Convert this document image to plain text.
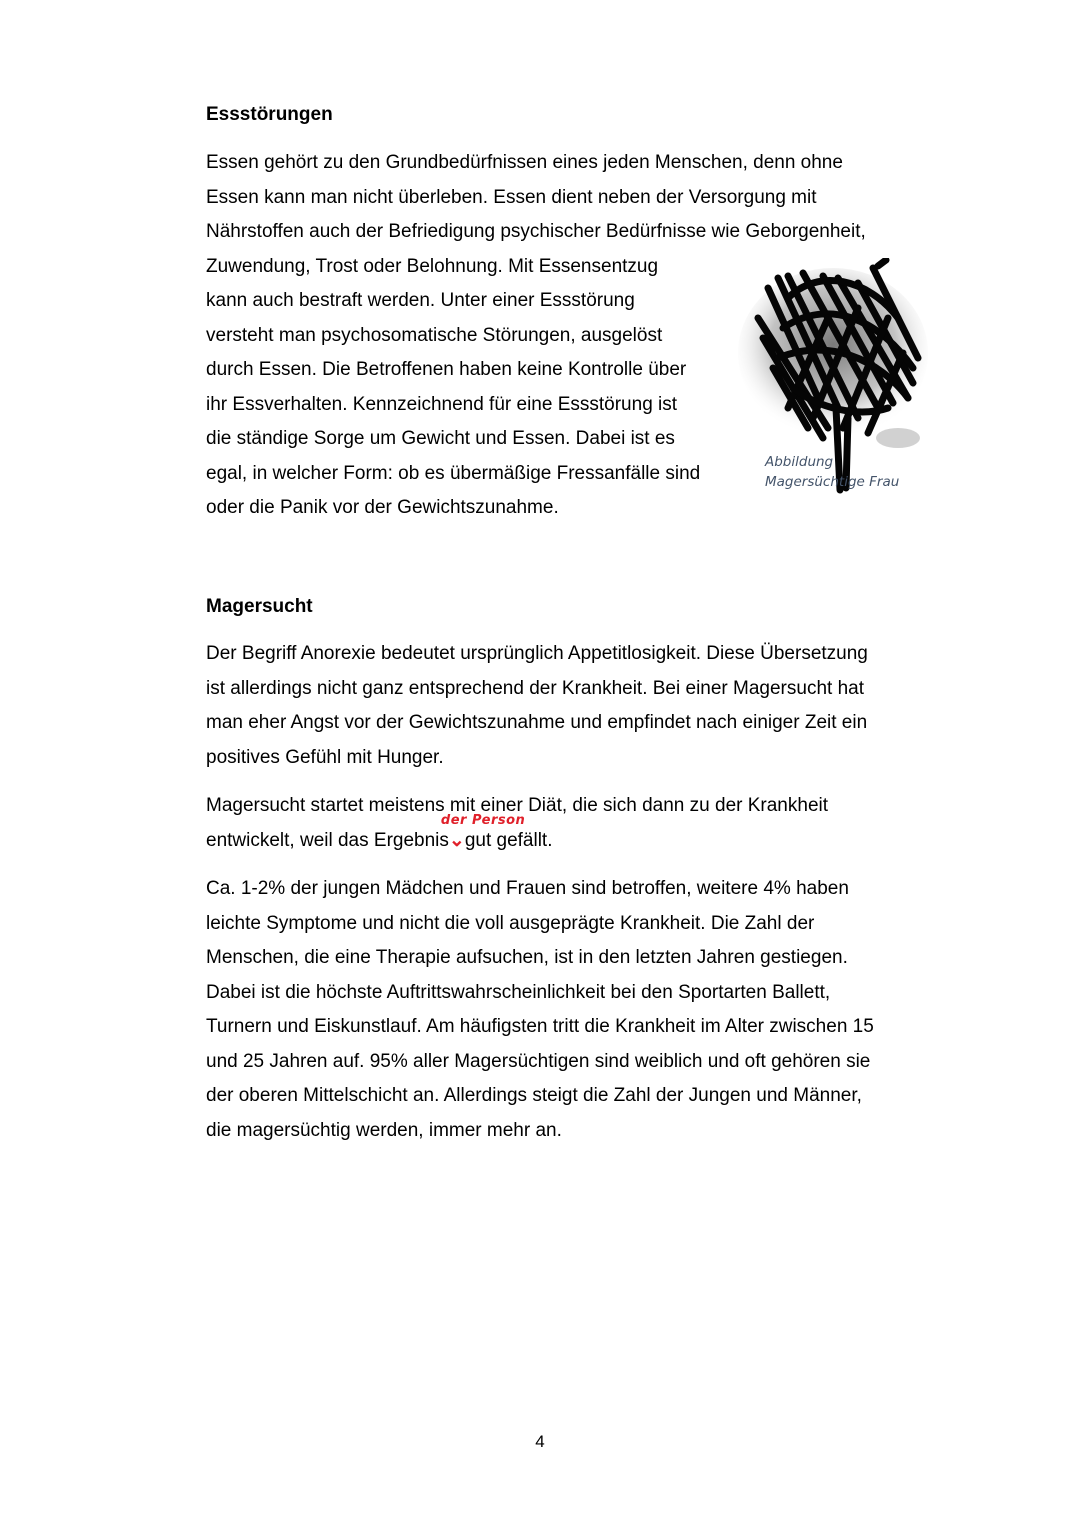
Essstörungen

Essen gehört zu den Grundbedürfnissen eines jeden Menschen, denn ohne
Essen kann man nicht überleben. Essen dient neben der Versorgung mit
Nährstoffen auch der Befriedigung psychischer Bedürfnisse wie Geborgenheit,
Zuwendung, Trost oder Belohnung. Mit Essensentzug
kann auch bestraft werden. Unter einer Essstörung
versteht man psychosomatische Störungen, ausgelöst
durch Essen. Die Betroffenen haben keine Kontrolle über
ihr Essverhalten. Kennzeichnend für eine Essstörung ist
die ständige Sorge um Gewicht und Essen. Dabei ist es
egal, in welcher Form: ob es übermäßige Fressanfälle sind
oder die Panik vor der Gewichtszunahme.

Abbildung
Magersüchtige Frau
Magersucht

Der Begriff Anorexie bedeutet ursprünglich Appetitlosigkeit. Diese Übersetzung
ist allerdings nicht ganz entsprechend der Krankheit. Bei einer Magersucht hat
man eher Angst vor der Gewichtszunahme und empfindet nach einiger Zeit ein
positives Gefühl mit Hunger.

Magersucht startet meistens mit einer Diät, die sich dann zu der Krankheit
entwickelt, weil das Ergebnis
der Person
⌄gut gefällt.

Ca. 1-2% der jungen Mädchen und Frauen sind betroffen, weitere 4% haben
leichte Symptome und nicht die voll ausgeprägte Krankheit. Die Zahl der
Menschen, die eine Therapie aufsuchen, ist in den letzten Jahren gestiegen.
Dabei ist die höchste Auftrittswahrscheinlichkeit bei den Sportarten Ballett,
Turnern und Eiskunstlauf. Am häufigsten tritt die Krankheit im Alter zwischen 15
und 25 Jahren auf. 95% aller Magersüchtigen sind weiblich und oft gehören sie
der oberen Mittelschicht an. Allerdings steigt die Zahl der Jungen und Männer,
die magersüchtig werden, immer mehr an.

4
